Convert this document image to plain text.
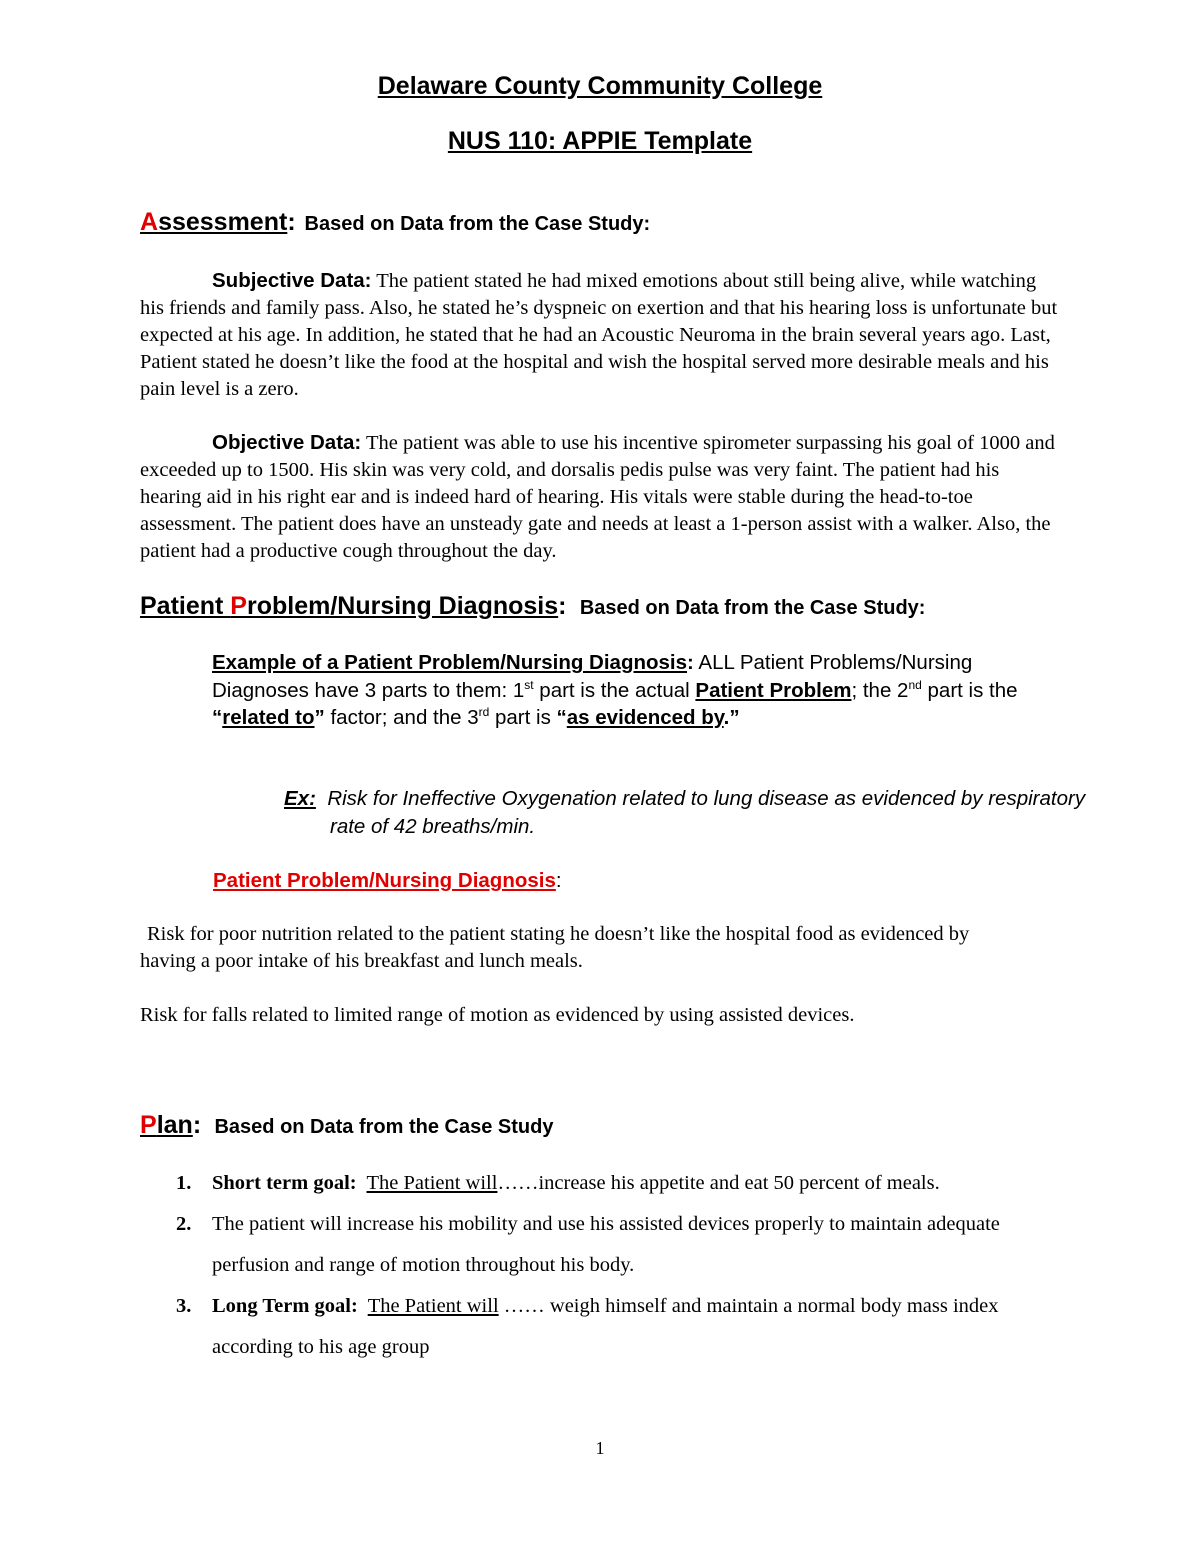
Delaware County Community College
NUS 110: APPIE Template
Assessment: Based on Data from the Case Study:
Subjective Data: The patient stated he had mixed emotions about still being alive, while watching his friends and family pass. Also, he stated he’s dyspneic on exertion and that his hearing loss is unfortunate but expected at his age. In addition, he stated that he had an Acoustic Neuroma in the brain several years ago. Last, Patient stated he doesn’t like the food at the hospital and wish the hospital served more desirable meals and his pain level is a zero.
Objective Data: The patient was able to use his incentive spirometer surpassing his goal of 1000 and exceeded up to 1500. His skin was very cold, and dorsalis pedis pulse was very faint. The patient had his hearing aid in his right ear and is indeed hard of hearing. His vitals were stable during the head-to-toe assessment. The patient does have an unsteady gate and needs at least a 1-person assist with a walker. Also, the patient had a productive cough throughout the day.
Patient Problem/Nursing Diagnosis: Based on Data from the Case Study:
Example of a Patient Problem/Nursing Diagnosis: ALL Patient Problems/Nursing Diagnoses have 3 parts to them: 1st part is the actual Patient Problem; the 2nd part is the “related to” factor; and the 3rd part is “as evidenced by.”
Ex: Risk for Ineffective Oxygenation related to lung disease as evidenced by respiratory rate of 42 breaths/min.
Patient Problem/Nursing Diagnosis:
Risk for poor nutrition related to the patient stating he doesn’t like the hospital food as evidenced by having a poor intake of his breakfast and lunch meals.
Risk for falls related to limited range of motion as evidenced by using assisted devices.
Plan: Based on Data from the Case Study
1. Short term goal: The Patient will……increase his appetite and eat 50 percent of meals.
2. The patient will increase his mobility and use his assisted devices properly to maintain adequate perfusion and range of motion throughout his body.
3. Long Term goal: The Patient will …… weigh himself and maintain a normal body mass index according to his age group
1
